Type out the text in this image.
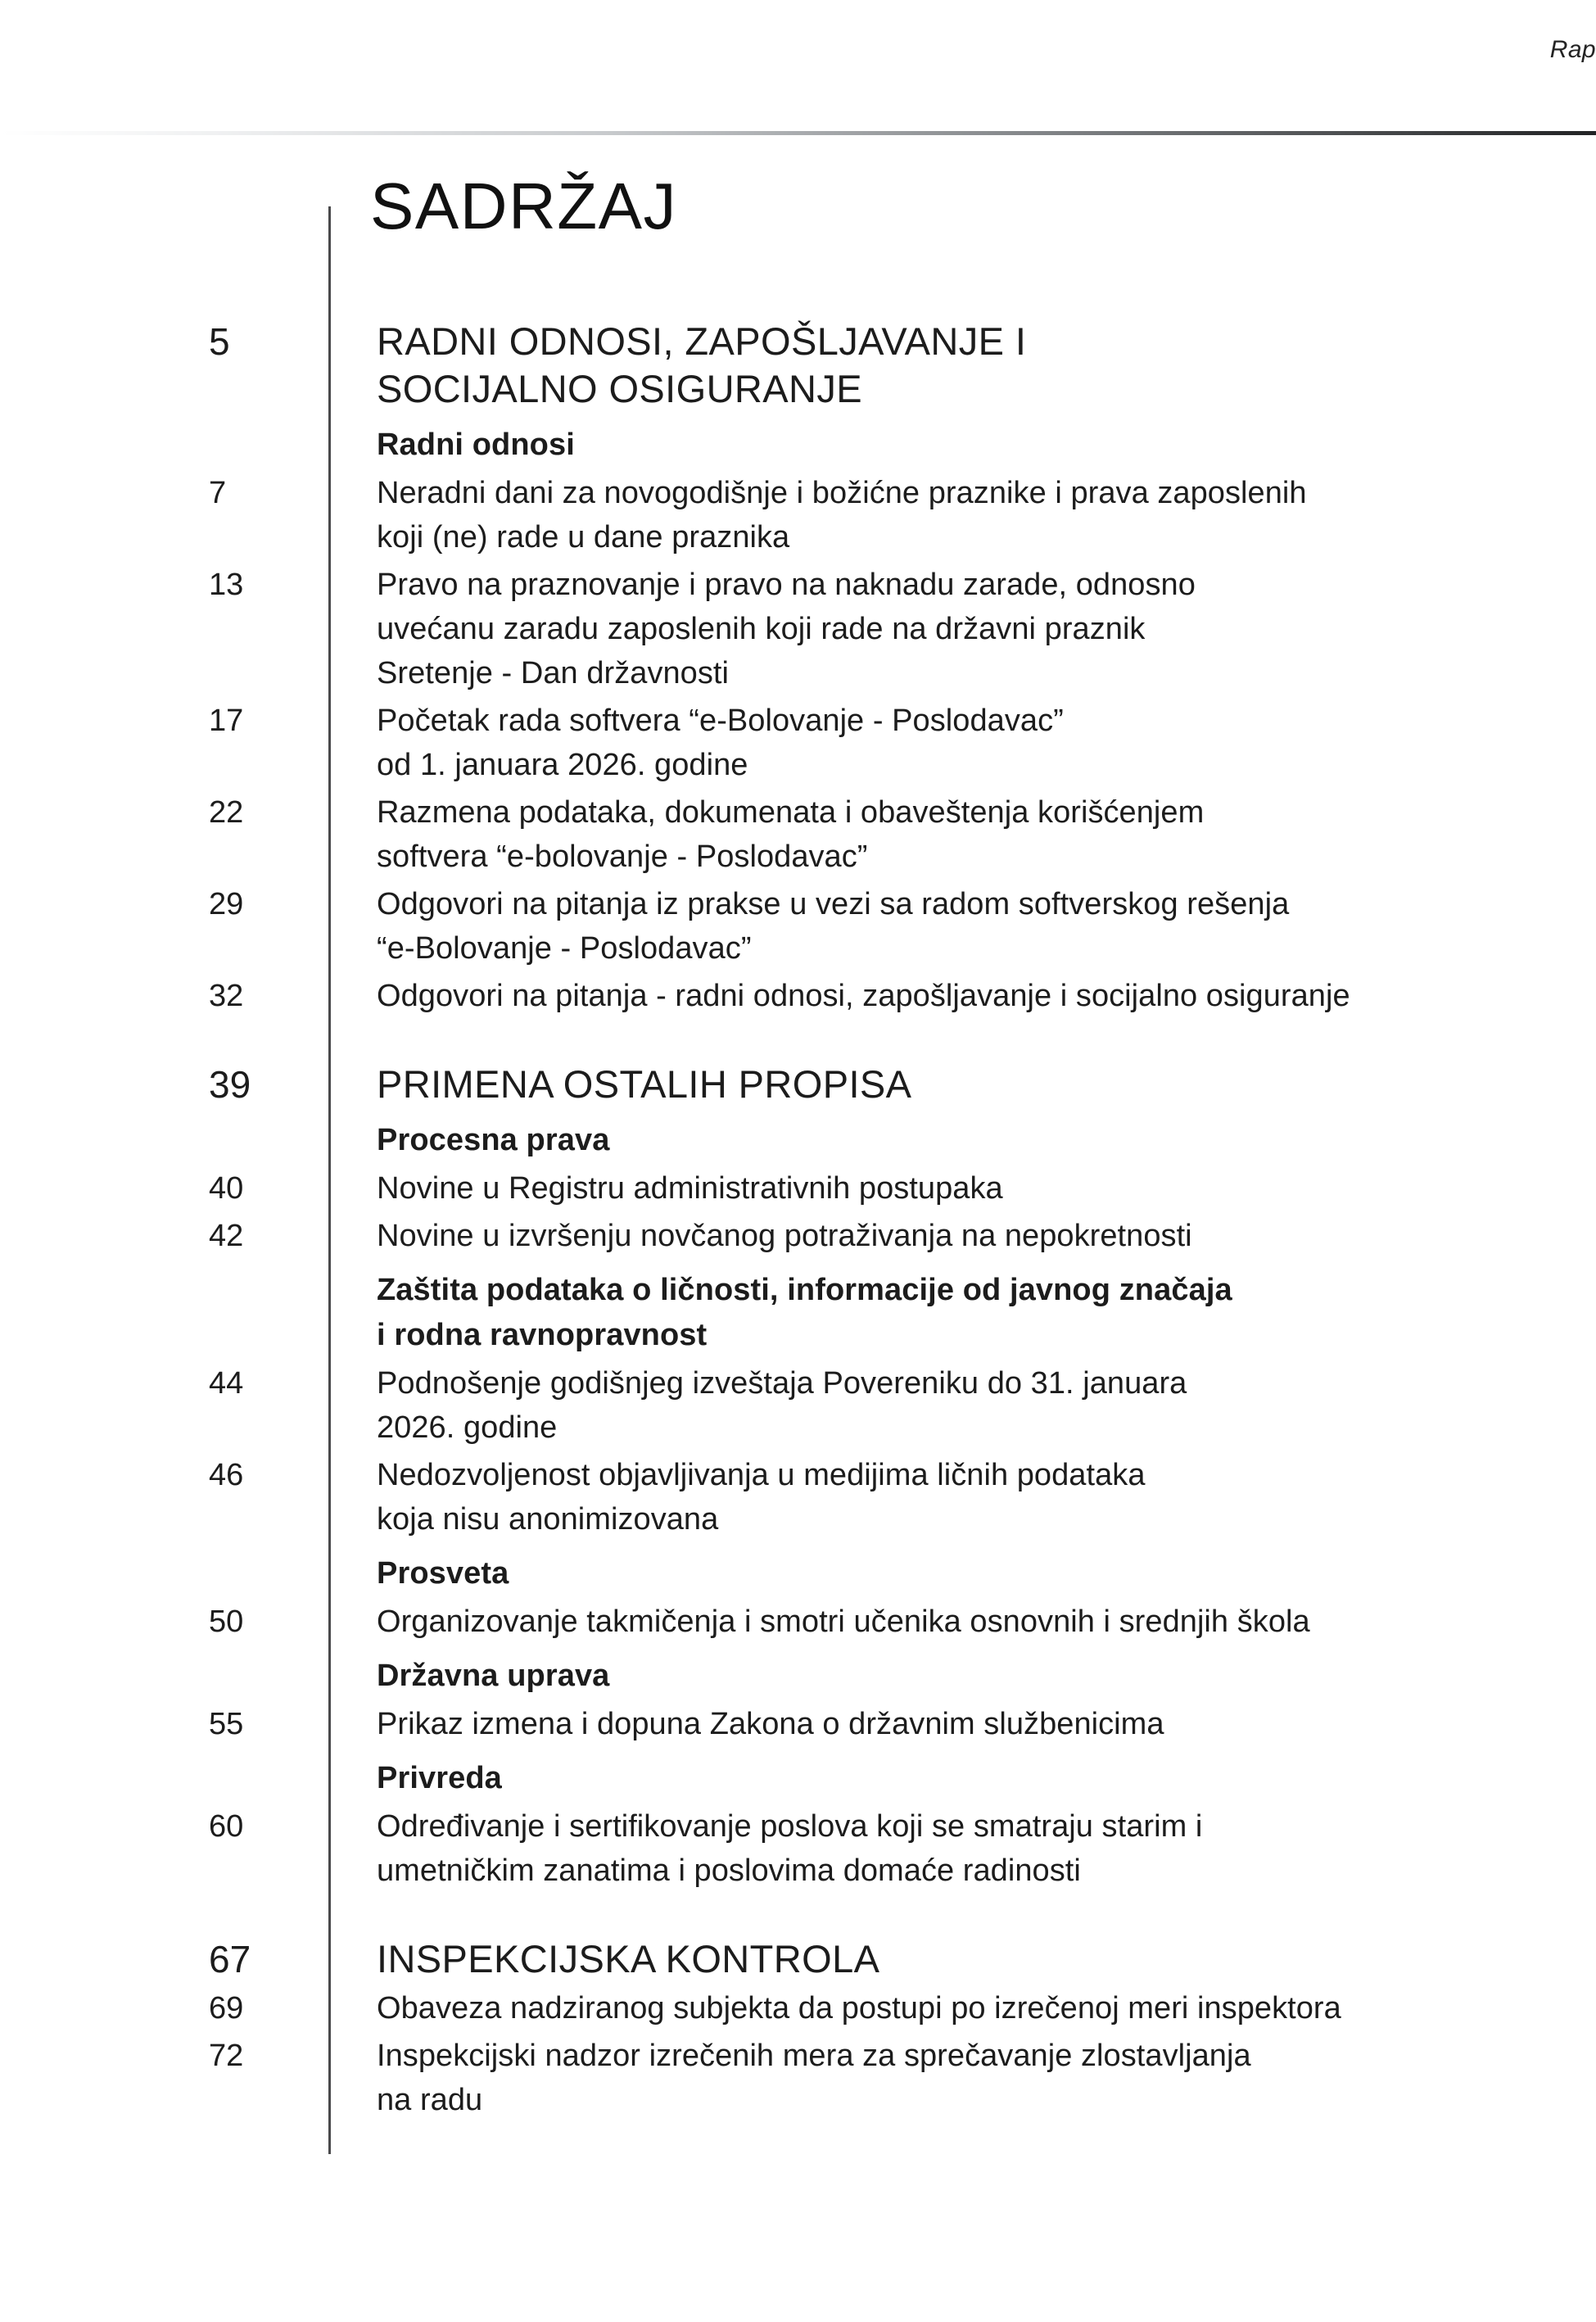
Rap
SADRŽAJ
5	RADNI ODNOSI, ZAPOŠLJAVANJE I
SOCIJALNO OSIGURANJE
Radni odnosi
7	Neradni dani za novogodišnje i božićne praznike i prava zaposlenih
koji (ne) rade u dane praznika
13	Pravo na praznovanje i pravo na naknadu zarade, odnosno
uvećanu zaradu zaposlenih koji rade na državni praznik
Sretenje - Dan državnosti
17	Početak rada softvera “e-Bolovanje - Poslodavac”
od 1. januara 2026. godine
22	Razmena podataka, dokumenata i obaveštenja korišćenjem
softvera “e-bolovanje - Poslodavac”
29	Odgovori na pitanja iz prakse u vezi sa radom softverskog rešenja
“e-Bolovanje - Poslodavac”
32	Odgovori na pitanja - radni odnosi, zapošljavanje i socijalno osiguranje
39	PRIMENA OSTALIH PROPISA
Procesna prava
40	Novine u Registru administrativnih postupaka
42	Novine u izvršenju novčanog potraživanja na nepokretnosti
Zaštita podataka o ličnosti, informacije od javnog značaja
i rodna ravnopravnost
44	Podnošenje godišnjeg izveštaja Povereniku do 31. januara
2026. godine
46	Nedozvoljenost objavljivanja u medijima ličnih podataka
koja nisu anonimizovana
Prosveta
50	Organizovanje takmičenja i smotri učenika osnovnih i srednjih škola
Državna uprava
55	Prikaz izmena i dopuna Zakona o državnim službenicima
Privreda
60	Određivanje i sertifikovanje poslova koji se smatraju starim i
umetničkim zanatima i poslovima domaće radinosti
67	INSPEKCIJSKA KONTROLA
69	Obaveza nadziranog subjekta da postupi po izrečenoj meri inspektora
72	Inspekcijski nadzor izrečenih mera za sprečavanje zlostavljanja
na radu
